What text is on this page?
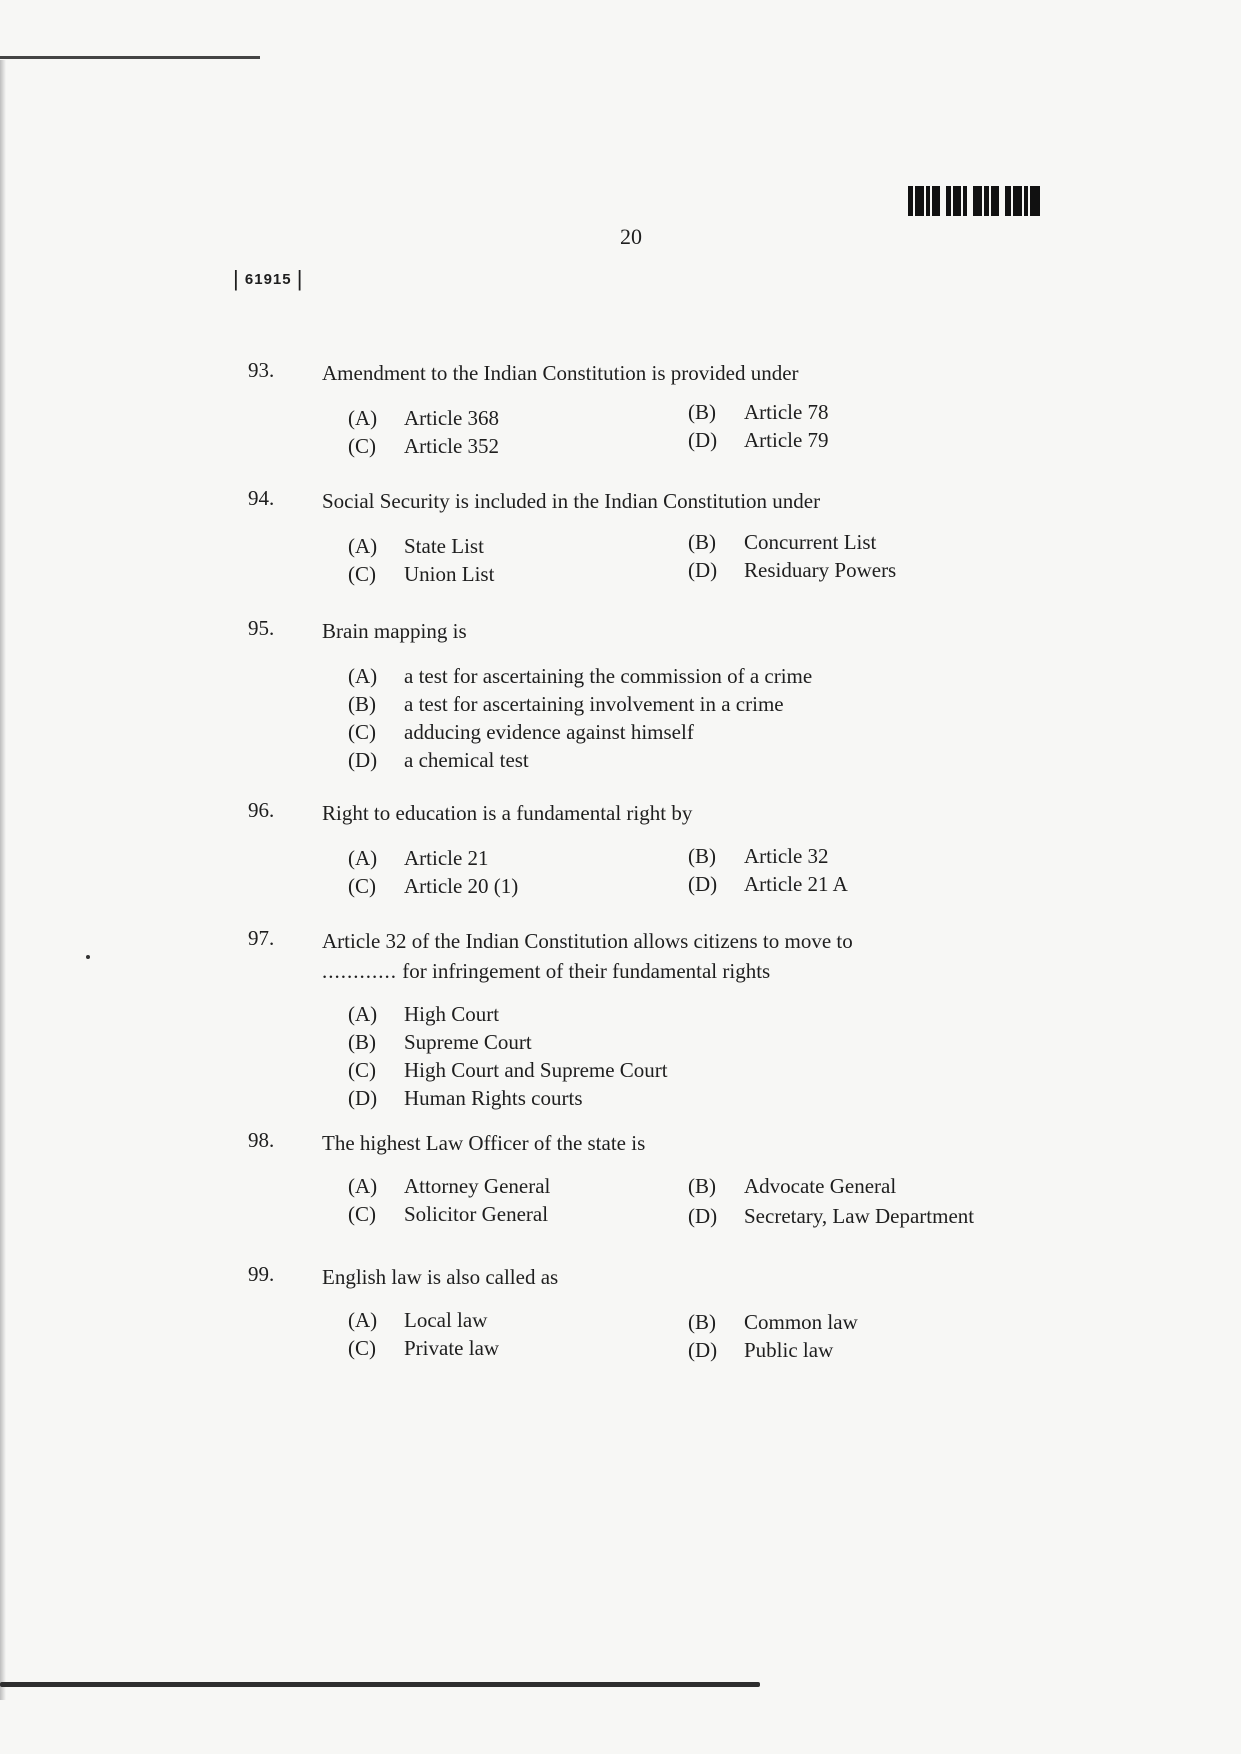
20
| 61915 |
93. Amendment to the Indian Constitution is provided under
(A) Article 368	(B) Article 78
(C) Article 352	(D) Article 79
94. Social Security is included in the Indian Constitution under
(A) State List	(B) Concurrent List
(C) Union List	(D) Residuary Powers
95. Brain mapping is
(A) a test for ascertaining the commission of a crime
(B) a test for ascertaining involvement in a crime
(C) adducing evidence against himself
(D) a chemical test
96. Right to education is a fundamental right by
(A) Article 21	(B) Article 32
(C) Article 20 (1)	(D) Article 21 A
97. Article 32 of the Indian Constitution allows citizens to move to
............ for infringement of their fundamental rights
(A) High Court
(B) Supreme Court
(C) High Court and Supreme Court
(D) Human Rights courts
98. The highest Law Officer of the state is
(A) Attorney General	(B) Advocate General
(C) Solicitor General	(D) Secretary, Law Department
99. English law is also called as
(A) Local law	(B) Common law
(C) Private law	(D) Public law
